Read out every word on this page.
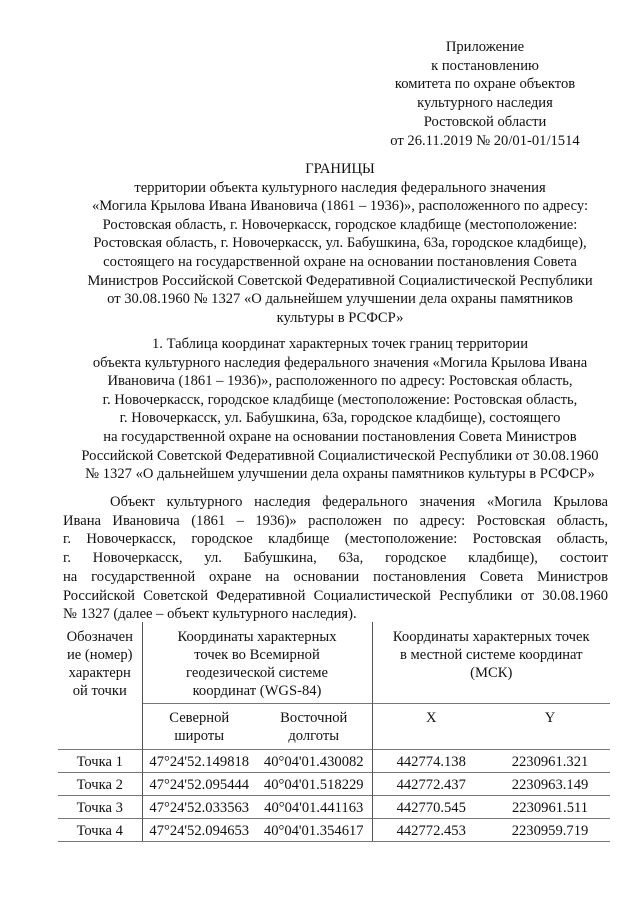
Приложение
к постановлению
комитета по охране объектов
культурного наследия
Ростовской области
от 26.11.2019 № 20/01-01/1514
ГРАНИЦЫ
территории объекта культурного наследия федерального значения
«Могила Крылова Ивана Ивановича (1861 – 1936)», расположенного по адресу:
Ростовская область, г. Новочеркасск, городское кладбище (местоположение:
Ростовская область, г. Новочеркасск, ул. Бабушкина, 63а, городское кладбище),
состоящего на государственной охране на основании постановления Совета
Министров Российской Советской Федеративной Социалистической Республики
от 30.08.1960 № 1327 «О дальнейшем улучшении дела охраны памятников
культуры в РСФСР»
1. Таблица координат характерных точек границ территории
объекта культурного наследия федерального значения «Могила Крылова Ивана
Ивановича (1861 – 1936)», расположенного по адресу: Ростовская область,
г. Новочеркасск, городское кладбище (местоположение: Ростовская область,
г. Новочеркасск, ул. Бабушкина, 63а, городское кладбище), состоящего
на государственной охране на основании постановления Совета Министров
Российской Советской Федеративной Социалистической Республики от 30.08.1960
№ 1327 «О дальнейшем улучшении дела охраны памятников культуры в РСФСР»
Объект культурного наследия федерального значения «Могила Крылова
Ивана Ивановича (1861 – 1936)» расположен по адресу: Ростовская область,
г. Новочеркасск, городское кладбище (местоположение: Ростовская область,
г. Новочеркасск, ул. Бабушкина, 63а, городское кладбище), состоит
на государственной охране на основании постановления Совета Министров
Российской Советской Федеративной Социалистической Республики от 30.08.1960
№ 1327 (далее – объект культурного наследия).
Обозначен
ие (номер)
характерн
ой точки	Координаты характерных
точек во Всемирной
геодезической системе
координат (WGS-84)		Координаты характерных точек
в местной системе координат
(МСК)	

	Северной
широты	Восточной
долготы	X	Y
Точка 1	47°24'52.149818	40°04'01.430082	442774.138	2230961.321
Точка 2	47°24'52.095444	40°04'01.518229	442772.437	2230963.149
Точка 3	47°24'52.033563	40°04'01.441163	442770.545	2230961.511
Точка 4	47°24'52.094653	40°04'01.354617	442772.453	2230959.719
